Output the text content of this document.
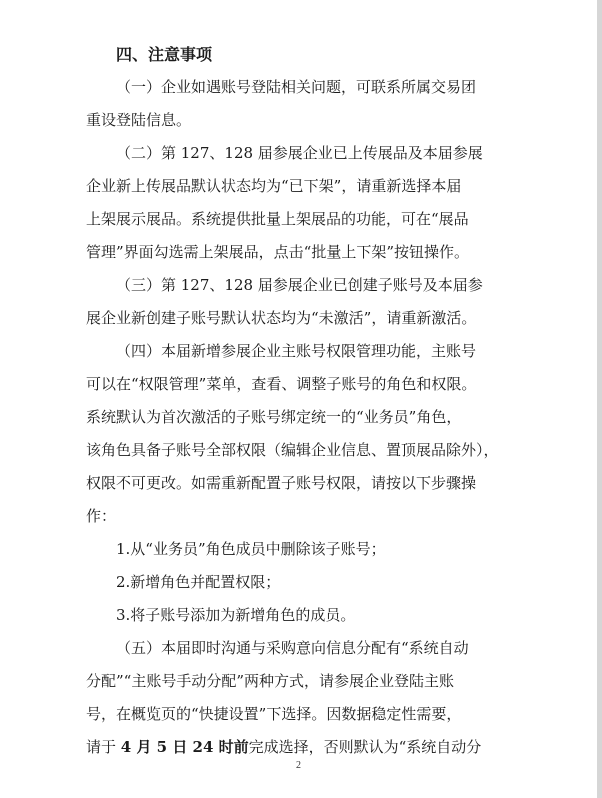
四、注意事项
（一）企业如遇账号登陆相关问题，可联系所属交易团
重设登陆信息。
（二）第 127、128 届参展企业已上传展品及本届参展
企业新上传展品默认状态均为“已下架”，请重新选择本届
上架展示展品。系统提供批量上架展品的功能，可在“展品
管理”界面勾选需上架展品，点击“批量上下架”按钮操作。
（三）第 127、128 届参展企业已创建子账号及本届参
展企业新创建子账号默认状态均为“未激活”，请重新激活。
（四）本届新增参展企业主账号权限管理功能，主账号
可以在“权限管理”菜单，查看、调整子账号的角色和权限。
系统默认为首次激活的子账号绑定统一的“业务员”角色，
该角色具备子账号全部权限（编辑企业信息、置顶展品除外），
权限不可更改。如需重新配置子账号权限，请按以下步骤操
作：
1.从“业务员”角色成员中删除该子账号；
2.新增角色并配置权限；
3.将子账号添加为新增角色的成员。
（五）本届即时沟通与采购意向信息分配有“系统自动
分配”“主账号手动分配”两种方式，请参展企业登陆主账
号，在概览页的“快捷设置”下选择。因数据稳定性需要，
请于 4 月 5 日 24 时前完成选择，否则默认为“系统自动分
2
